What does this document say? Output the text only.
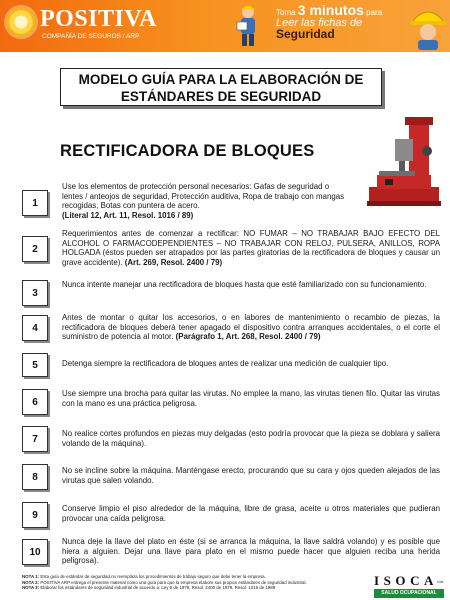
POSITIVA
COMPAÑÍA DE SEGUROS / ARP
Toma 3 minutos para
Leer las fichas de
Seguridad
MODELO GUÍA PARA LA ELABORACIÓN DE
ESTÁNDARES DE SEGURIDAD
RECTIFICADORA DE BLOQUES
1
Use los elementos de protección personal necesarios: Gafas de seguridad o lentes / anteojos de seguridad, Protección auditiva, Ropa de trabajo con mangas recogidas, Botas con puntera de acero.
(Literal 12, Art. 11, Resol. 1016 / 89)
2
Requerimientos antes de comenzar a rectificar: NO FUMAR – NO TRABAJAR BAJO EFECTO DEL ALCOHOL O FARMACODEPENDIENTES – NO TRABAJAR CON RELOJ, PULSERA, ANILLOS, ROPA HOLGADA (éstos pueden ser atrapados por las partes giratorias de la rectificadora de bloques y causar un grave accidente). (Art. 269, Resol. 2400 / 79)
3
Nunca intente manejar una rectificadora de bloques hasta que esté familiarizado con su funcionamiento.
4
Antes de montar o quitar los accesorios, o en labores de mantenimiento o recambio de piezas, la rectificadora de bloques deberá tener apagado el dispositivo contra arranques accidentales, o el corte el suministro de potencia al motor. (Parágrafo 1, Art. 268, Resol. 2400 / 79)
5	Detenga siempre la rectificadora de bloques antes de realizar una medición de cualquier tipo.
6
Use siempre una brocha para quitar las virutas. No emplee la mano, las virutas tienen filo. Quitar las virutas con la mano es una práctica peligrosa.
7	No realice cortes profundos en piezas muy delgadas (esto podría provocar que la pieza se doblara y saliera volando de la máquina).
8
No se incline sobre la máquina. Manténgase erecto, procurando que su cara y ojos queden alejados de las virutas que salen volando.
9
Conserve limpio el piso alrededor de la máquina, libre de grasa, aceite u otros materiales que pudieran provocar una caída peligrosa.
10
Nunca deje la llave del plato en éste (si se arranca la máquina, la llave saldrá volando) y es posible que hiera a alguien. Dejar una llave para plato en el mismo puede hacer que alguien reciba una herida peligrosa).
NOTA 1: Esta guía de estándar de seguridad no reemplaza los procedimientos de trabajo seguro que debe tener la empresa.
NOTA 2: POSITIVA ARP entrega el presente material como una guía para que la empresa elabore sus propios estándares de seguridad industrial.
NOTA 3: Elaborar los estándares de seguridad industrial de acuerdo a: Ley 9 de 1979, Resol. 2400 de 1979, Resol. 1016 de 1989	I S O C A Ltd.
SALUD OCUPACIONAL
